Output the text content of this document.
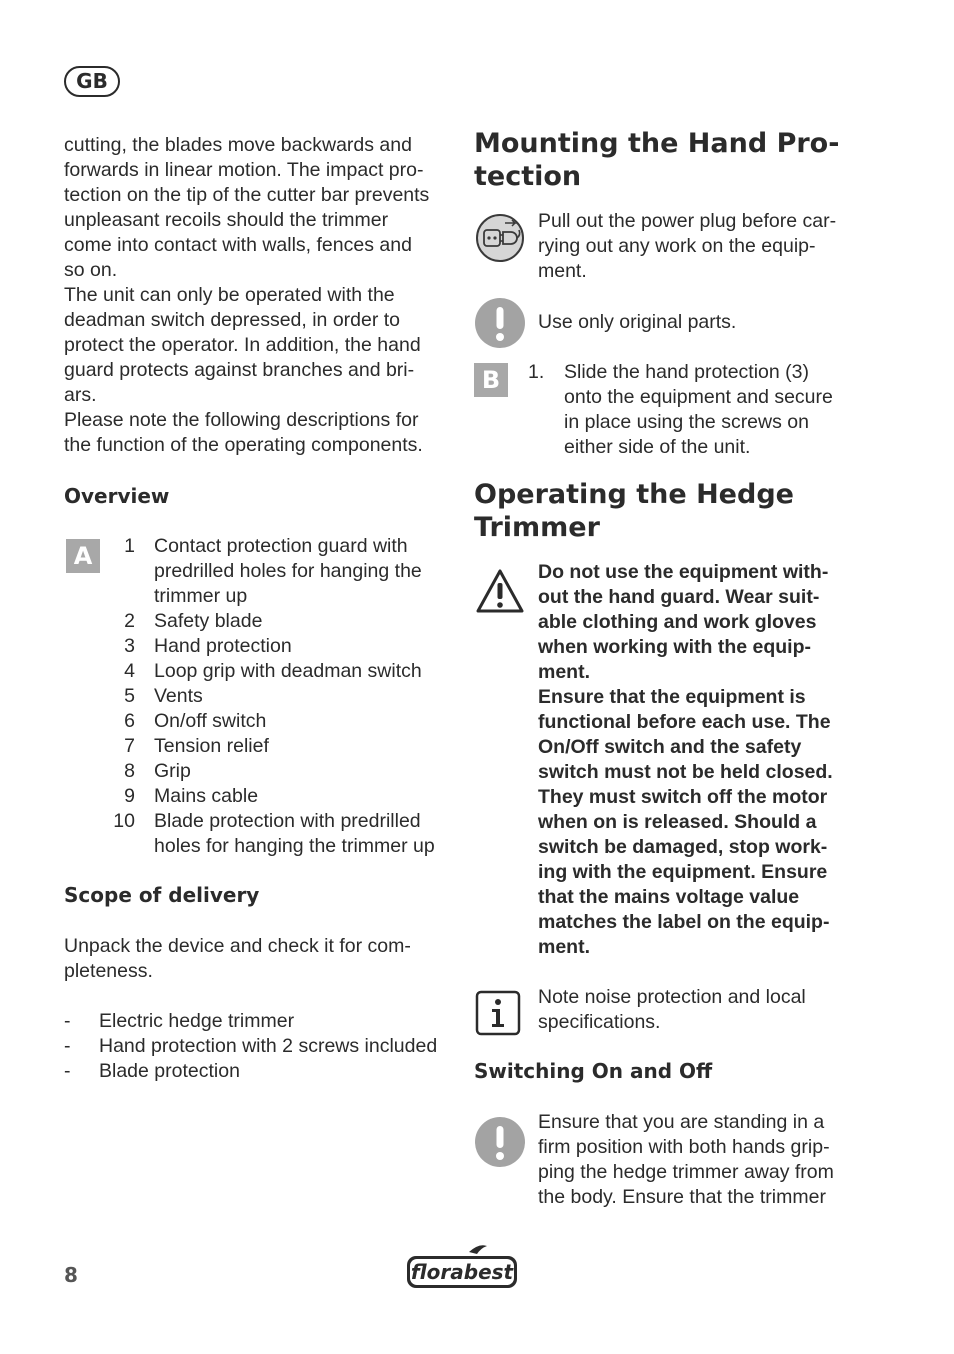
GB

cutting, the blades move backwards and

forwards in linear motion. The impact pro-

tection on the tip of the cutter bar prevents

unpleasant recoils should the trimmer

come into contact with walls, fences and

so on.

The unit can only be operated with the

deadman switch depressed, in order to

protect the operator. In addition, the hand

guard protects against branches and bri-

ars.

Please note the following descriptions for

the function of the operating components.

Overview
A	1 Contact protection guard with
predrilled holes for hanging the
trimmer up
2 Safety blade
3 Hand protection
4 Loop grip with deadman switch
5 Vents
6 On/off switch
7 Tension relief
8 Grip
9 Mains cable
10 Blade protection with predrilled
holes for hanging the trimmer up
Scope of delivery

Unpack the device and check it for com-

pleteness.

- Electric hedge trimmer
- Hand protection with 2 screws included
- Blade protection
Mounting the Hand Pro-
tection

Pull out the power plug before car-

rying out any work on the equip-

ment.

Use only original parts.

B	1. Slide the hand protection (3)

onto the equipment and secure

in place using the screws on

either side of the unit.

Operating the Hedge
Trimmer

Do not use the equipment with-

out the hand guard. Wear suit-

able clothing and work gloves

when working with the equip-

ment.

Ensure that the equipment is

functional before each use. The

On/Off switch and the safety

switch must not be held closed.

They must switch off the motor

when on is released. Should a

switch be damaged, stop work-

ing with the equipment. Ensure

that the mains voltage value

matches the label on the equip-

ment.

Note noise protection and local

specifications.

Switching On and Off

Ensure that you are standing in a

firm position with both hands grip-

ping the hedge trimmer away from

the body. Ensure that the trimmer

8	florabest
